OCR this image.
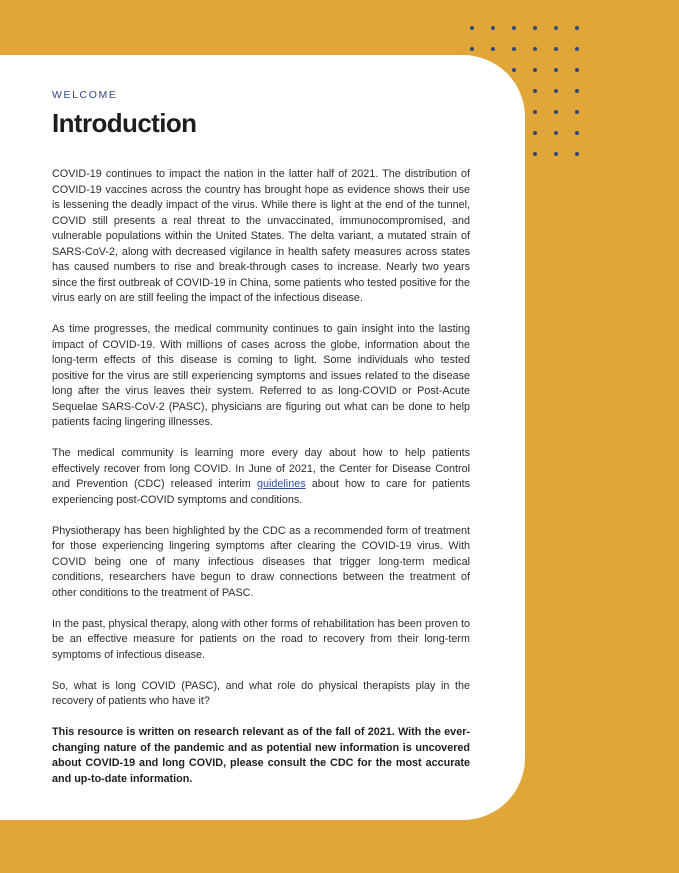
WELCOME

Introduction

COVID-19 continues to impact the nation in the latter half of 2021. The distribution of COVID-19 vaccines across the country has brought hope as evidence shows their use is lessening the deadly impact of the virus. While there is light at the end of the tunnel, COVID still presents a real threat to the unvaccinated, immunocompromised, and vulnerable populations within the United States. The delta variant, a mutated strain of SARS-CoV-2, along with decreased vigilance in health safety measures across states has caused numbers to rise and break-through cases to increase. Nearly two years since the first outbreak of COVID-19 in China, some patients who tested positive for the virus early on are still feeling the impact of the infectious disease.

As time progresses, the medical community continues to gain insight into the lasting impact of COVID-19. With millions of cases across the globe, information about the long-term effects of this disease is coming to light. Some individuals who tested positive for the virus are still experiencing symptoms and issues related to the disease long after the virus leaves their system. Referred to as long-COVID or Post-Acute Sequelae SARS-CoV-2 (PASC), physicians are figuring out what can be done to help patients facing lingering illnesses.

The medical community is learning more every day about how to help patients effectively recover from long COVID. In June of 2021, the Center for Disease Control and Prevention (CDC) released interim guidelines about how to care for patients experiencing post-COVID symptoms and conditions.

Physiotherapy has been highlighted by the CDC as a recommended form of treatment for those experiencing lingering symptoms after clearing the COVID-19 virus. With COVID being one of many infectious diseases that trigger long-term medical conditions, researchers have begun to draw connections between the treatment of other conditions to the treatment of PASC.

In the past, physical therapy, along with other forms of rehabilitation has been proven to be an effective measure for patients on the road to recovery from their long-term symptoms of infectious disease.

So, what is long COVID (PASC), and what role do physical therapists play in the recovery of patients who have it?

This resource is written on research relevant as of the fall of 2021. With the ever-changing nature of the pandemic and as potential new information is uncovered about COVID-19 and long COVID, please consult the CDC for the most accurate and up-to-date information.
